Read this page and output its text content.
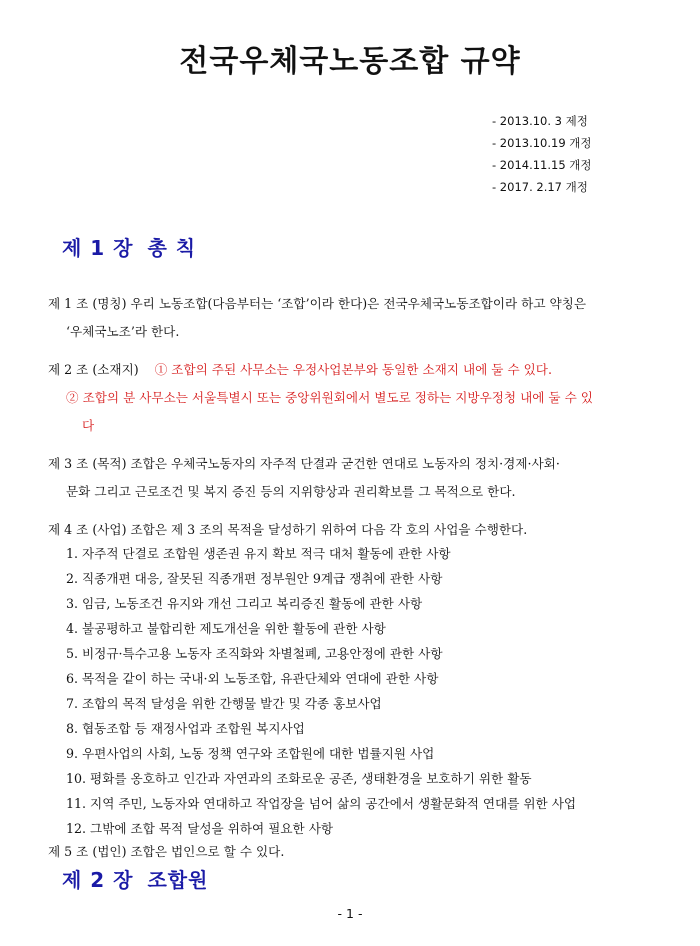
전국우체국노동조합 규약
- 2013.10. 3 제정
- 2013.10.19 개정
- 2014.11.15 개정
- 2017. 2.17 개정
제 1 장 총 칙
제 1 조 (명칭) 우리 노동조합(다음부터는 ‘조합’이라 한다)은 전국우체국노동조합이라 하고 약칭은
‘우체국노조’라 한다.
제 2 조 (소재지) ① 조합의 주된 사무소는 우정사업본부와 동일한 소재지 내에 둘 수 있다.
② 조합의 분 사무소는 서울특별시 또는 중앙위원회에서 별도로 정하는 지방우정청 내에 둘 수 있
다
제 3 조 (목적) 조합은 우체국노동자의 자주적 단결과 굳건한 연대로 노동자의 정치·경제·사회·
문화 그리고 근로조건 및 복지 증진 등의 지위향상과 권리확보를 그 목적으로 한다.
제 4 조 (사업) 조합은 제 3 조의 목적을 달성하기 위하여 다음 각 호의 사업을 수행한다.
1. 자주적 단결로 조합원 생존권 유지 확보 적극 대처 활동에 관한 사항
2. 직종개편 대응, 잘못된 직종개편 정부원안 9계급 쟁취에 관한 사항
3. 임금, 노동조건 유지와 개선 그리고 복리증진 활동에 관한 사항
4. 불공평하고 불합리한 제도개선을 위한 활동에 관한 사항
5. 비정규·특수고용 노동자 조직화와 차별철폐, 고용안정에 관한 사항
6. 목적을 같이 하는 국내·외 노동조합, 유관단체와 연대에 관한 사항
7. 조합의 목적 달성을 위한 간행물 발간 및 각종 홍보사업
8. 협동조합 등 재정사업과 조합원 복지사업
9. 우편사업의 사회, 노동 정책 연구와 조합원에 대한 법률지원 사업
10. 평화를 옹호하고 인간과 자연과의 조화로운 공존, 생태환경을 보호하기 위한 활동
11. 지역 주민, 노동자와 연대하고 작업장을 넘어 삶의 공간에서 생활문화적 연대를 위한 사업
12. 그밖에 조합 목적 달성을 위하여 필요한 사항
제 5 조 (법인) 조합은 법인으로 할 수 있다.
제 2 장 조합원
- 1 -
